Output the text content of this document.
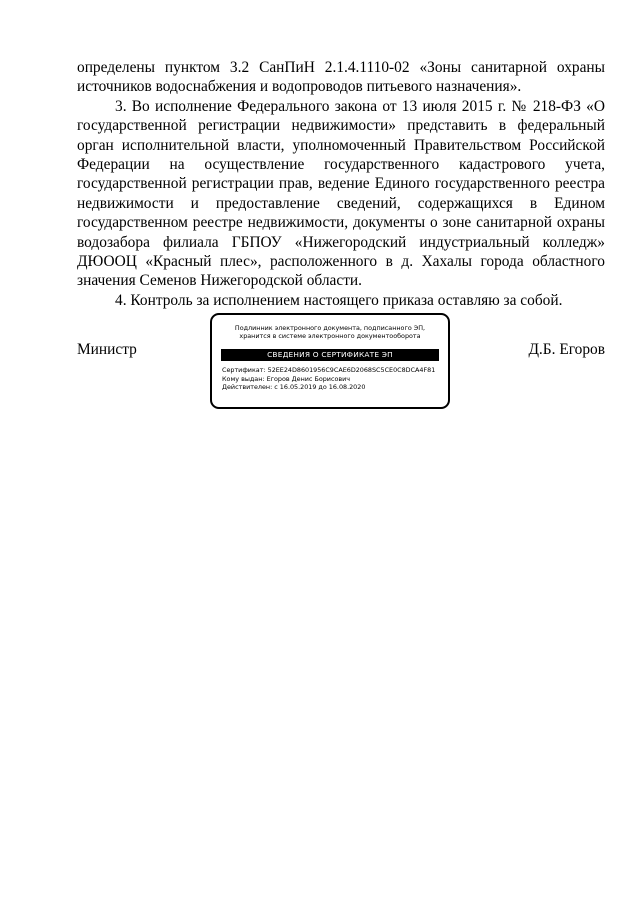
определены пунктом 3.2 СанПиН 2.1.4.1110-02 «Зоны санитарной охраны источников водоснабжения и водопроводов питьевого назначения».

3. Во исполнение Федерального закона от 13 июля 2015 г. № 218-ФЗ «О государственной регистрации недвижимости» представить в федеральный орган исполнительной власти, уполномоченный Правительством Российской Федерации на осуществление государственного кадастрового учета, государственной регистрации прав, ведение Единого государственного реестра недвижимости и предоставление сведений, содержащихся в Едином государственном реестре недвижимости, документы о зоне санитарной охраны водозабора филиала ГБПОУ «Нижегородский индустриальный колледж» ДЮООЦ «Красный плес», расположенного в д. Хахалы города областного значения Семенов Нижегородской области.

4. Контроль за исполнением настоящего приказа оставляю за собой.

Министр
Подлинник электронного документа, подписанного ЭП,
хранится в системе электронного документооборота
СВЕДЕНИЯ О СЕРТИФИКАТЕ ЭП
Сертификат: 52EE24D8601956C9CAE6D2068SC5CE0C8DCA4F81
Кому выдан: Егоров Денис Борисович
Действителен: с 16.05.2019 до 16.08.2020
Д.Б. Егоров
